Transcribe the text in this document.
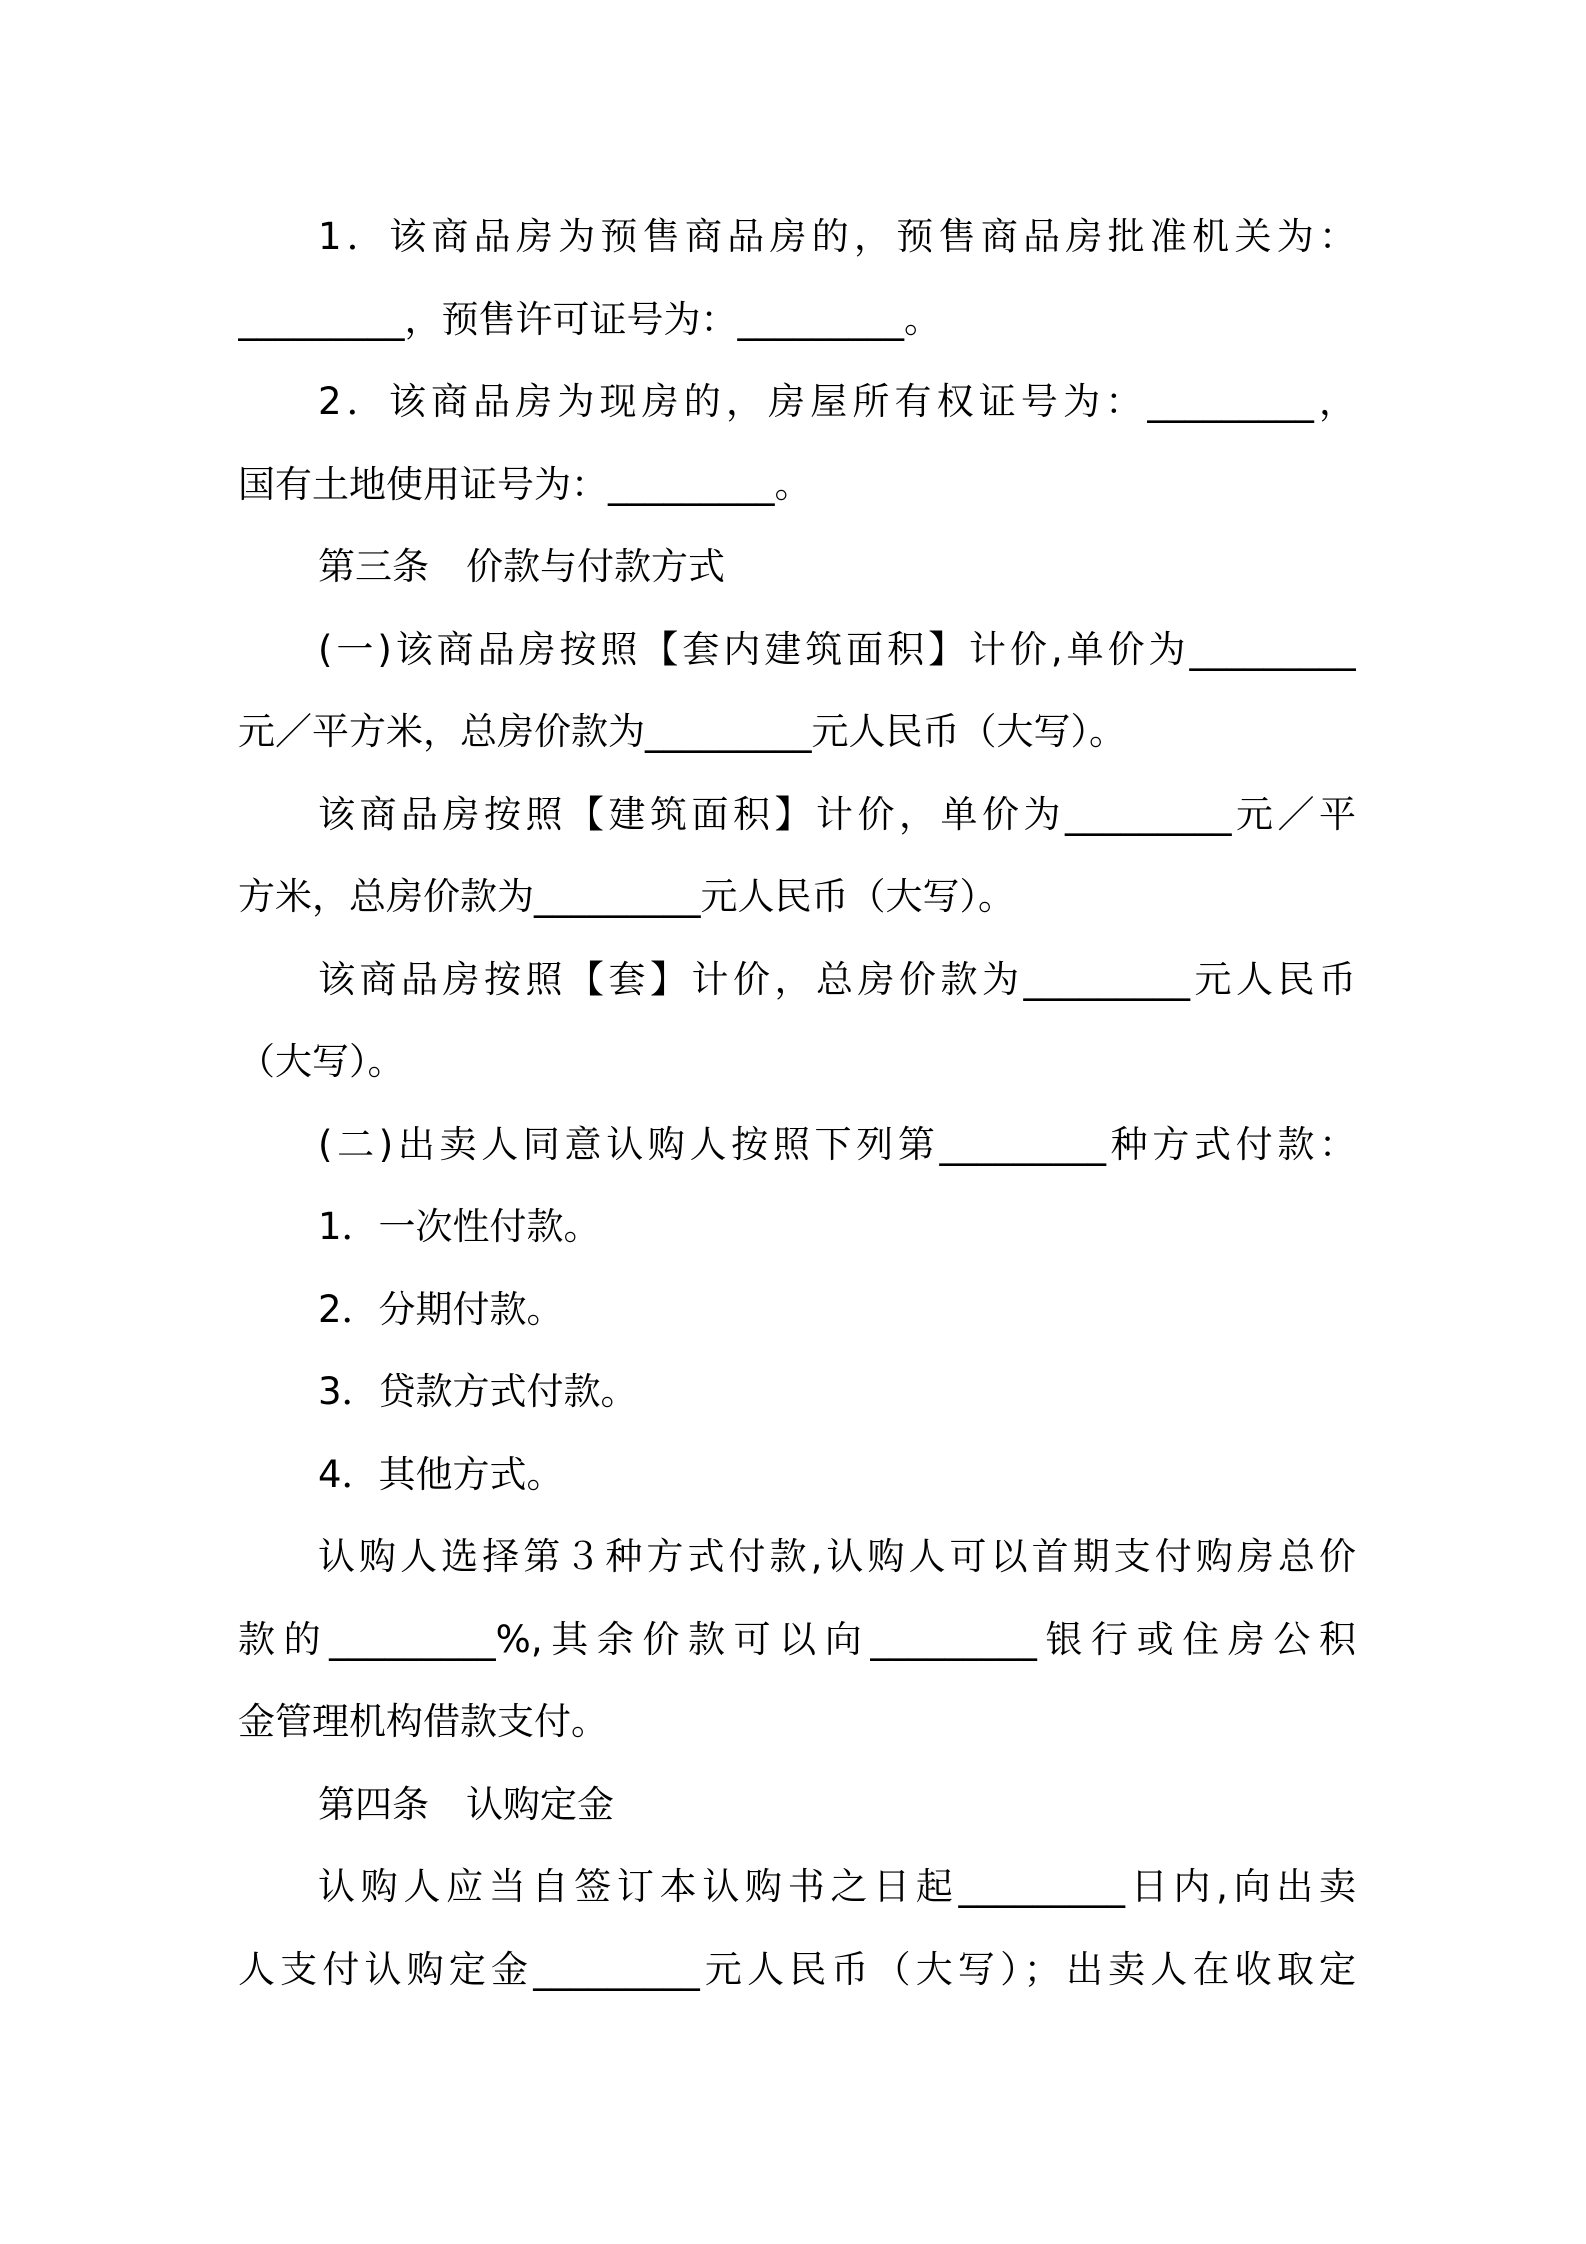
1．该商品房为预售商品房的，预售商品房批准机关为：
_________，预售许可证号为：_________。
2．该商品房为现房的，房屋所有权证号为：_________，
国有土地使用证号为：_________。
第三条　价款与付款方式
(一)该商品房按照【套内建筑面积】计价,单价为_________
元／平方米，总房价款为_________元人民币（大写）。
该商品房按照【建筑面积】计价，单价为_________元／平
方米，总房价款为_________元人民币（大写）。
该商品房按照【套】计价，总房价款为_________元人民币
（大写）。
(二)出卖人同意认购人按照下列第_________种方式付款：
1．一次性付款。
2．分期付款。
3．贷款方式付款。
4．其他方式。
认购人选择第３种方式付款,认购人可以首期支付购房总价
款的_________%,其余价款可以向_________银行或住房公积
金管理机构借款支付。
第四条　认购定金
认购人应当自签订本认购书之日起_________日内,向出卖
人支付认购定金_________元人民币（大写）；出卖人在收取定
